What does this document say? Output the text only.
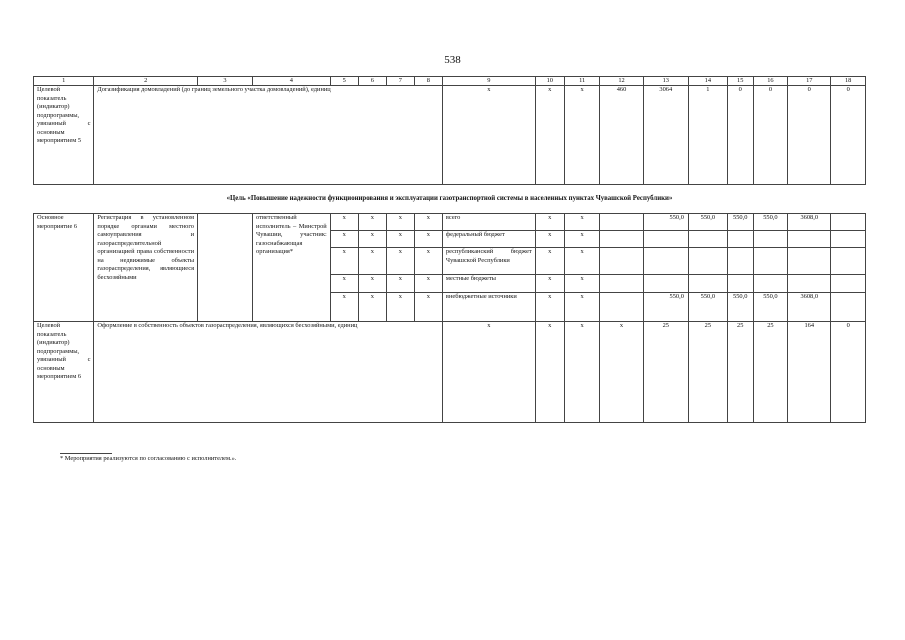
538
1	2	3	4	5	6	7	8	9	10	11	12	13	14	15	16	17	18
Целевой показатель (индикатор) подпрограммы, увязанный с основным мероприятием 5	Догазификация домовладений (до границ земельного участка домовладений), единиц							х	х	х	460	3064	1	0	0	0	0
«Цель «Повышение надежности функционирования и эксплуатации газотранспортной системы в населенных пунктах Чувашской Республики»																	
Основное мероприятие 6	Регистрация в установленном порядке органами местного самоуправления и газораспределительной организацией права собственности на недвижимые объекты газораспределения, являющиеся бесхозяйными		ответственный исполнитель – Минстрой Чувашии, участник: газоснабжающая организация*	х	х	х	х	всего	х	х		550,0	550,0	550,0	550,0	3608,0	
				х	х	х	х	федеральный бюджет	х	х							
				х	х	х	х	республиканский бюджет Чувашской Республики	х	х							
				х	х	х	х	местные бюджеты	х	х							
				х	х	х	х	внебюджетные источники	х	х		550,0	550,0	550,0	550,0	3608,0	
Целевой показатель (индикатор) подпрограммы, увязанный с основным мероприятием 6	Оформление в собственность объектов газораспределения, являющихся бесхозяйными, единиц							х	х	х	х	25	25	25	25	164	0
* Мероприятия реализуются по согласованию с исполнителем.».
